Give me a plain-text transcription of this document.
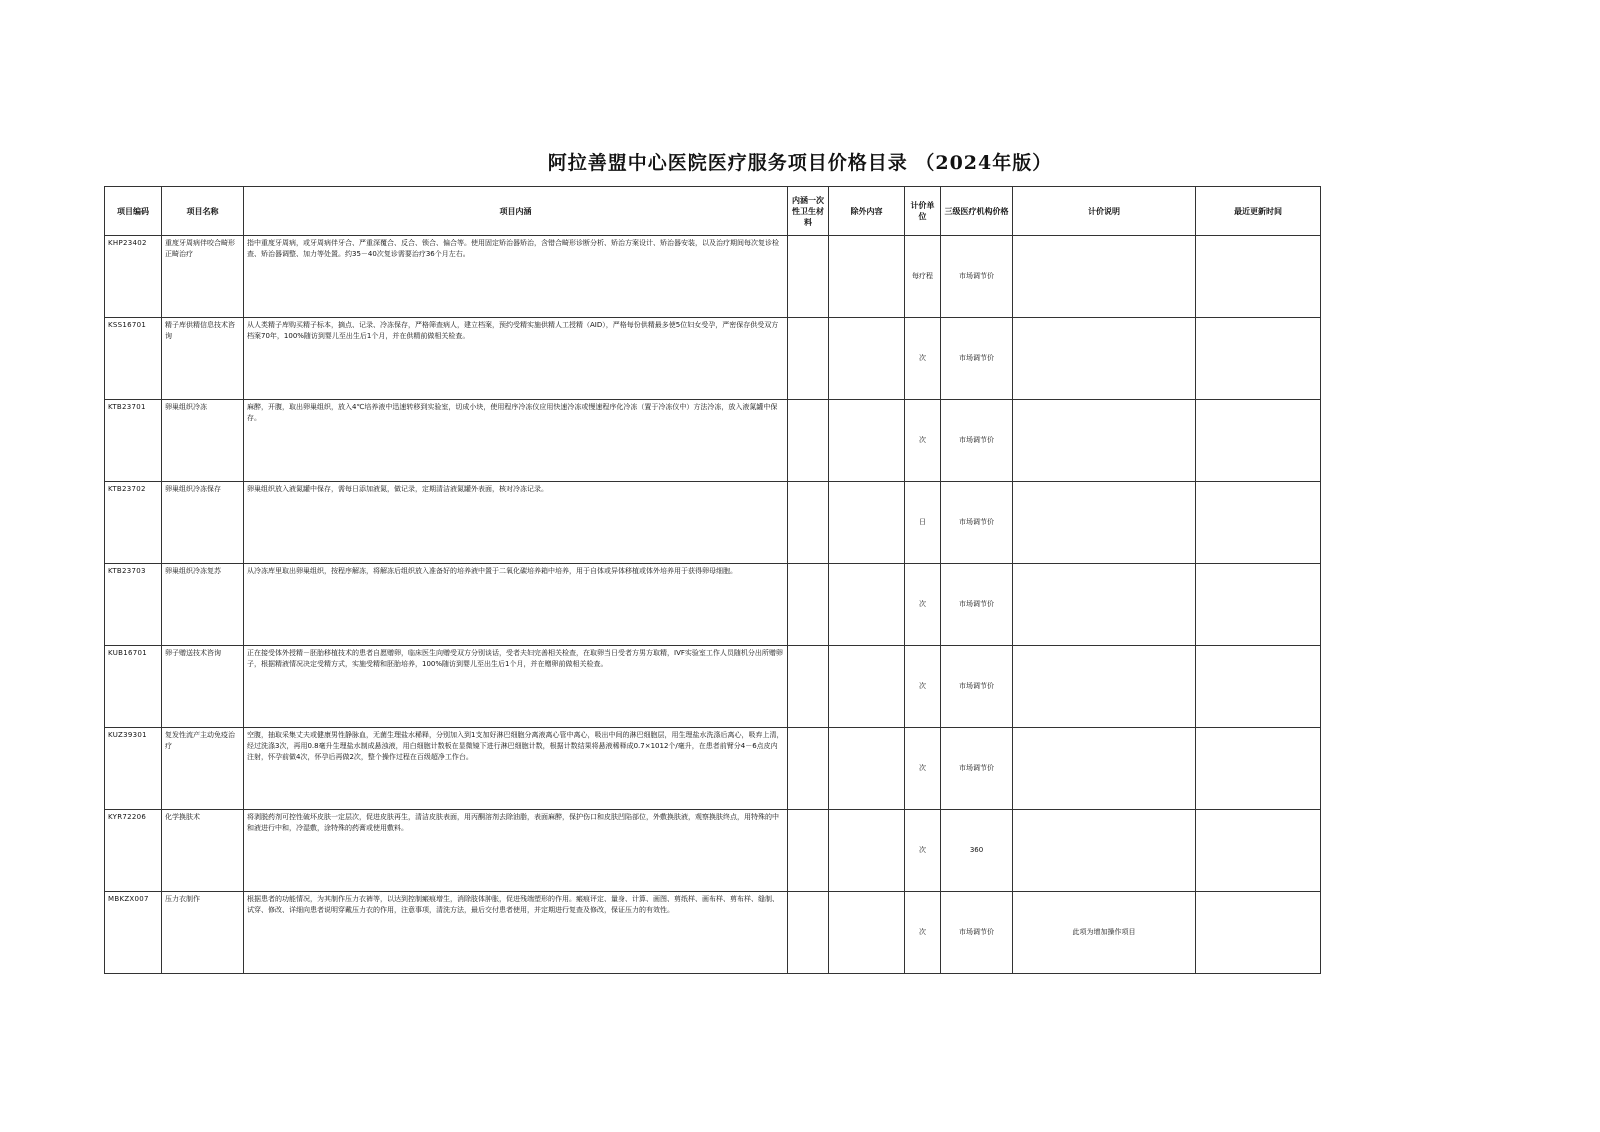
阿拉善盟中心医院医疗服务项目价格目录 （2024年版）
项目编码	项目名称	项目内涵	内涵一次性卫生材料	除外内容	计价单位	三级医疗机构价格	计价说明	最近更新时间
KHP23402	重度牙周病伴咬合畸形正畸治疗	指中重度牙周病，或牙周病伴牙合、严重深覆合、反合、锁合、偏合等。使用固定矫治器矫治，含错合畸形诊断分析、矫治方案设计、矫治器安装，以及治疗期间每次复诊检查、矫治器调整、加力等处置。约35－40次复诊需要治疗36个月左右。			每疗程	市场调节价		
KSS16701	精子库供精信息技术咨询	从人类精子库购买精子标本，摘点、记录、冷冻保存，严格筛查病人，建立档案，预约受精实施供精人工授精（AID），严格每份供精最多使5位妇女受孕，严密保存供受双方档案70年，100%随访到婴儿至出生后1个月，并在供精前做相关检查。			次	市场调节价		
KTB23701	卵巢组织冷冻	麻醉，开腹，取出卵巢组织，放入4℃培养液中迅速转移到实验室，切成小块，使用程序冷冻仪应用快速冷冻或慢速程序化冷冻（置于冷冻仪中）方法冷冻，放入液氮罐中保存。			次	市场调节价		
KTB23702	卵巢组织冷冻保存	卵巢组织放入液氮罐中保存，需每日添加液氮，做记录，定期清洁液氮罐外表面，核对冷冻记录。			日	市场调节价		
KTB23703	卵巢组织冷冻复苏	从冷冻库里取出卵巢组织，按程序解冻，将解冻后组织放入准备好的培养液中置于二氧化碳培养箱中培养，用于自体或异体移植或体外培养用于获得卵母细胞。			次	市场调节价		
KUB16701	卵子赠送技术咨询	正在接受体外授精－胚胎移植技术的患者自愿赠卵，临床医生向赠受双方分别谈话，受者夫妇完善相关检查，在取卵当日受者方男方取精，IVF实验室工作人员随机分出所赠卵子，根据精液情况决定受精方式，实施受精和胚胎培养，100%随访到婴儿至出生后1个月，并在赠卵前做相关检查。			次	市场调节价		
KUZ39301	复发性流产主动免疫治疗	空腹，抽取采集丈夫或健康男性静脉血，无菌生理盐水稀释，分别加入到1支加好淋巴细胞分离液离心管中离心，吸出中间的淋巴细胞层，用生理盐水洗涤后离心，吸弃上清，经过洗涤3次，再用0.8毫升生理盐水制成悬浊液，用白细胞计数板在显微镜下进行淋巴细胞计数，根据计数结果将悬液稀释成0.7×1012个/毫升，在患者前臂分4－6点皮内注射，怀孕前做4次，怀孕后再做2次，整个操作过程在百级超净工作台。			次	市场调节价		
KYR72206	化学换肤术	将剥脱药剂可控性破坏皮肤一定层次，促进皮肤再生，清洁皮肤表面，用丙酮溶剂去除油脂，表面麻醉，保护伤口和皮肤凹陷部位，外敷换肤液，观察换肤终点，用特殊的中和液进行中和，冷湿敷，涂特殊的药膏或使用敷料。			次	360		
MBKZX007	压力衣制作	根据患者的功能情况，为其制作压力衣裤等，以达到控制瘢痕增生，消除肢体肿胀，促进残端塑形的作用。瘢痕评定、量身、计算、画图、剪纸样、画布样、剪布样、缝制、试穿、修改、详细向患者说明穿戴压力衣的作用，注意事项，清洗方法，最后交付患者使用，并定期进行复查及修改，保证压力的有效性。			次	市场调节价	此项为增加操作项目	
